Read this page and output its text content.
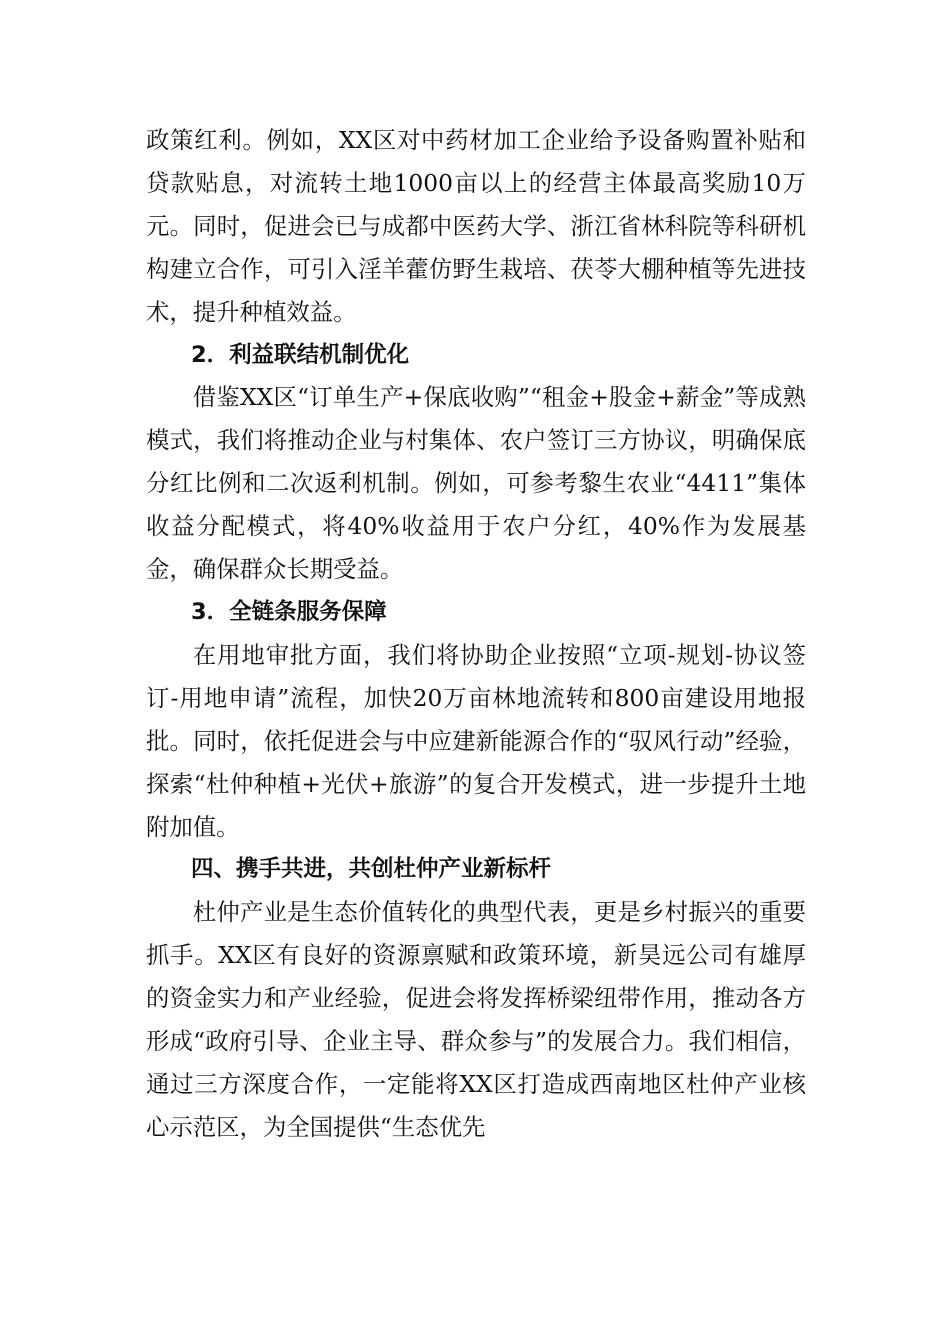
政策红利。例如，XX区对中药材加工企业给予设备购置补贴和贷款贴息，对流转土地1000亩以上的经营主体最高奖励10万元。同时，促进会已与成都中医药大学、浙江省林科院等科研机构建立合作，可引入淫羊藿仿野生栽培、茯苓大棚种植等先进技术，提升种植效益。

2．利益联结机制优化

借鉴XX区“订单生产+保底收购”“租金+股金+薪金”等成熟模式，我们将推动企业与村集体、农户签订三方协议，明确保底分红比例和二次返利机制。例如，可参考黎生农业“4411”集体收益分配模式，将40%收益用于农户分红，40%作为发展基金，确保群众长期受益。

3．全链条服务保障

在用地审批方面，我们将协助企业按照“立项-规划-协议签订-用地申请”流程，加快20万亩林地流转和800亩建设用地报批。同时，依托促进会与中应建新能源合作的“驭风行动”经验，探索“杜仲种植+光伏+旅游”的复合开发模式，进一步提升土地附加值。

四、携手共进，共创杜仲产业新标杆

杜仲产业是生态价值转化的典型代表，更是乡村振兴的重要抓手。XX区有良好的资源禀赋和政策环境，新昊远公司有雄厚的资金实力和产业经验，促进会将发挥桥梁纽带作用，推动各方形成“政府引导、企业主导、群众参与”的发展合力。我们相信，通过三方深度合作，一定能将XX区打造成西南地区杜仲产业核心示范区，为全国提供“生态优先
